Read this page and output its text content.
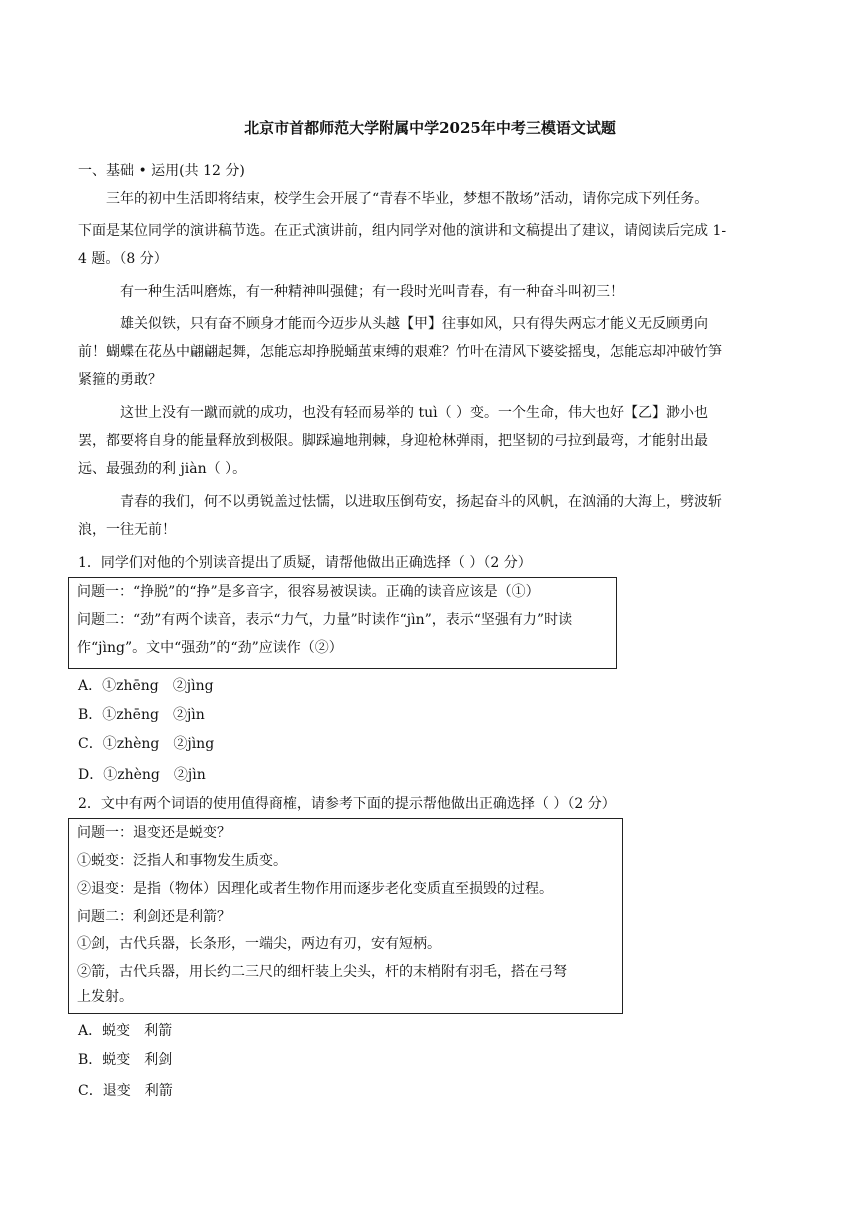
北京市首都师范大学附属中学2025年中考三模语文试题
一、基础 • 运用(共 12 分)
三年的初中生活即将结束，校学生会开展了“青春不毕业，梦想不散场”活动，请你完成下列任务。
下面是某位同学的演讲稿节选。在正式演讲前，组内同学对他的演讲和文稿提出了建议，请阅读后完成 1-
4 题。（8 分）
有一种生活叫磨炼，有一种精神叫强健；有一段时光叫青春，有一种奋斗叫初三！
雄关似铁，只有奋不顾身才能而今迈步从头越【甲】往事如风，只有得失两忘才能义无反顾勇向
前！蝴蝶在花丛中翩翩起舞，怎能忘却挣脱蛹茧束缚的艰难？竹叶在清风下婆娑摇曳，怎能忘却冲破竹笋
紧箍的勇敢？
这世上没有一蹴而就的成功，也没有轻而易举的 tuì（ ）变。一个生命，伟大也好【乙】渺小也
罢，都要将自身的能量释放到极限。脚踩遍地荆棘，身迎枪林弹雨，把坚韧的弓拉到最弯，才能射出最
远、最强劲的利 jiàn（ ）。
青春的我们，何不以勇锐盖过怯懦，以进取压倒苟安，扬起奋斗的风帆，在汹涌的大海上，劈波斩
浪，一往无前！
1．同学们对他的个别读音提出了质疑，请帮他做出正确选择（ ）（2 分）
问题一：“挣脱”的“挣”是多音字，很容易被误读。正确的读音应该是（①）
问题二：“劲”有两个读音，表示“力气，力量”时读作“jìn”，表示“坚强有力”时读
作“jìng”。文中“强劲”的“劲”应读作（②）
A．①zhēng　②jìng
B．①zhēng　②jìn
C．①zhèng　②jìng
D．①zhèng　②jìn
2．文中有两个词语的使用值得商榷，请参考下面的提示帮他做出正确选择（ ）（2 分）
问题一：退变还是蜕变？
①蜕变：泛指人和事物发生质变。
②退变：是指（物体）因理化或者生物作用而逐步老化变质直至损毁的过程。
问题二：利剑还是利箭？
①剑，古代兵器，长条形，一端尖，两边有刃，安有短柄。
②箭，古代兵器，用长约二三尺的细杆装上尖头，杆的末梢附有羽毛，搭在弓弩
上发射。
A．蜕变　利箭
B．蜕变　利剑
C．退变　利箭
